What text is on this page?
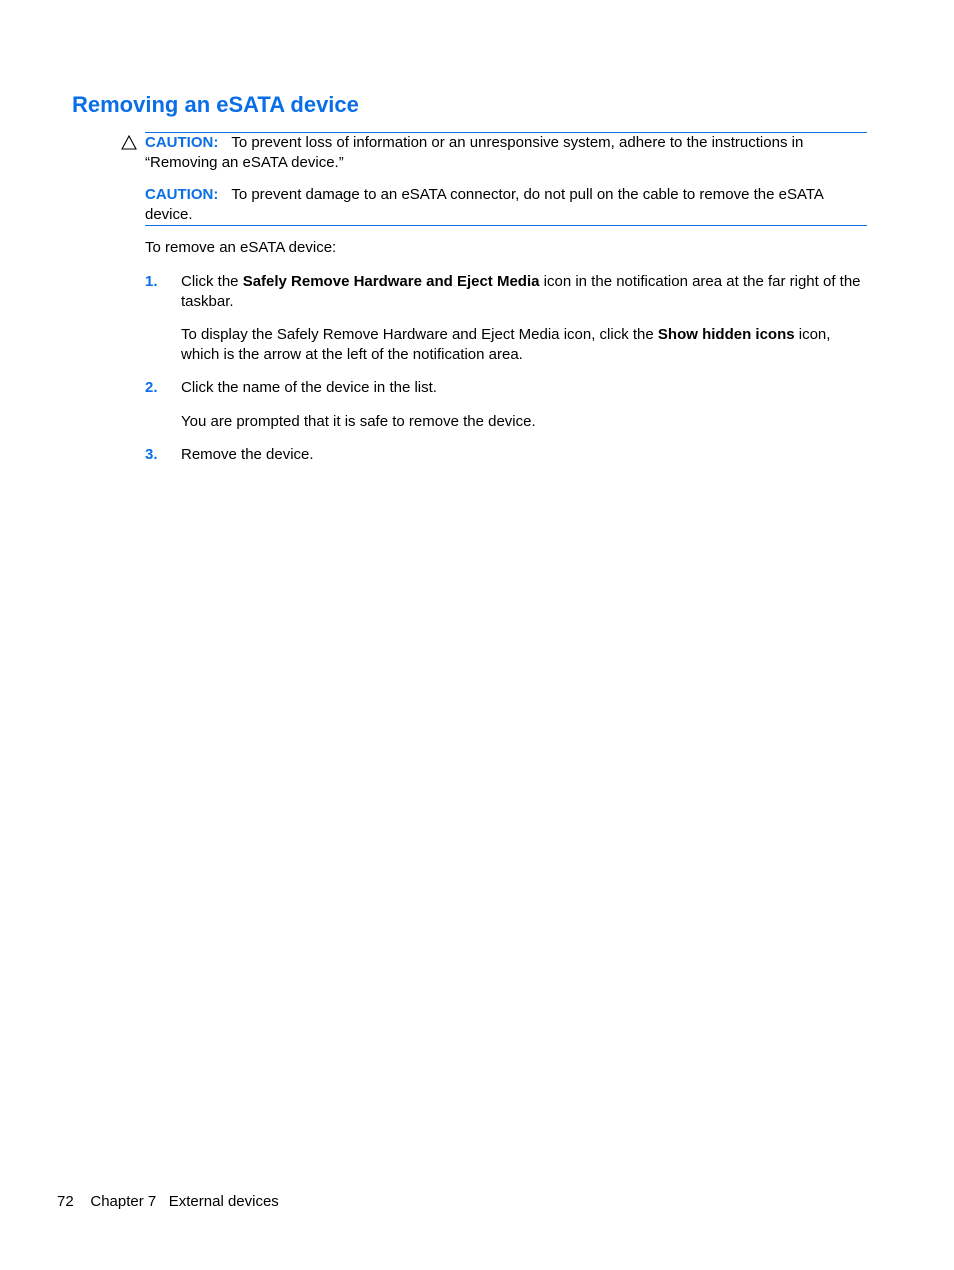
Removing an eSATA device

CAUTION: To prevent loss of information or an unresponsive system, adhere to the instructions in “Removing an eSATA device.”

CAUTION: To prevent damage to an eSATA connector, do not pull on the cable to remove the eSATA device.

To remove an eSATA device:

1. Click the Safely Remove Hardware and Eject Media icon in the notification area at the far right of the taskbar.

To display the Safely Remove Hardware and Eject Media icon, click the Show hidden icons icon, which is the arrow at the left of the notification area.

2. Click the name of the device in the list.

You are prompted that it is safe to remove the device.

3. Remove the device.

72 Chapter 7 External devices
